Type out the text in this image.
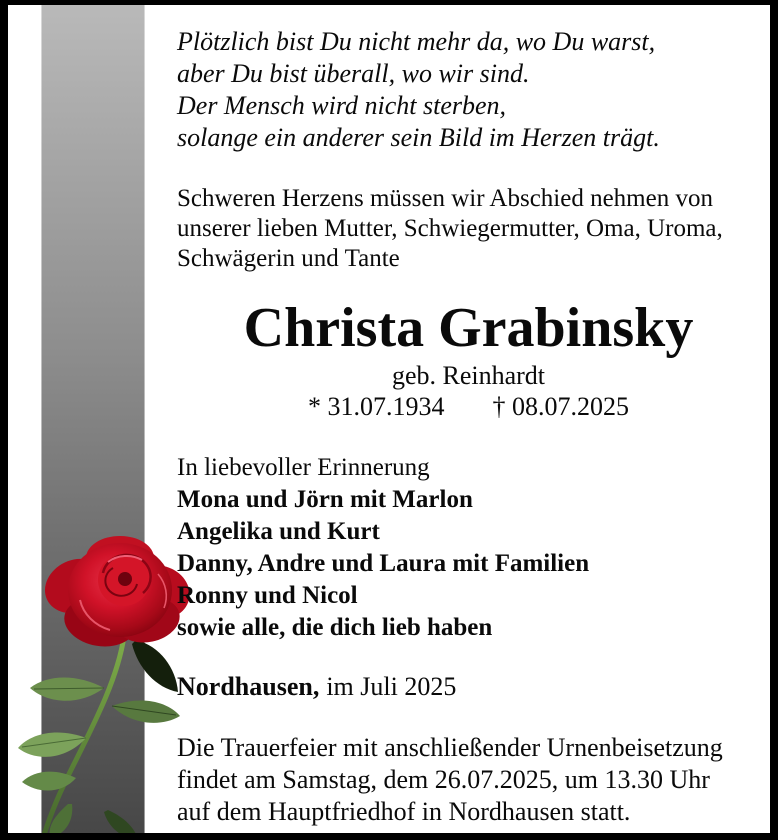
Plötzlich bist Du nicht mehr da, wo Du warst,
aber Du bist überall, wo wir sind.
Der Mensch wird nicht sterben,
solange ein anderer sein Bild im Herzen trägt.
Schweren Herzens müssen wir Abschied nehmen von
unserer lieben Mutter, Schwiegermutter, Oma, Uroma,
Schwägerin und Tante
Christa Grabinsky
geb. Reinhardt
* 31.07.1934 † 08.07.2025
In liebevoller Erinnerung
Mona und Jörn mit Marlon
Angelika und Kurt
Danny, Andre und Laura mit Familien
Ronny und Nicol
sowie alle, die dich lieb haben
Nordhausen, im Juli 2025
Die Trauerfeier mit anschließender Urnenbeisetzung
findet am Samstag, dem 26.07.2025, um 13.30 Uhr
auf dem Hauptfriedhof in Nordhausen statt.
